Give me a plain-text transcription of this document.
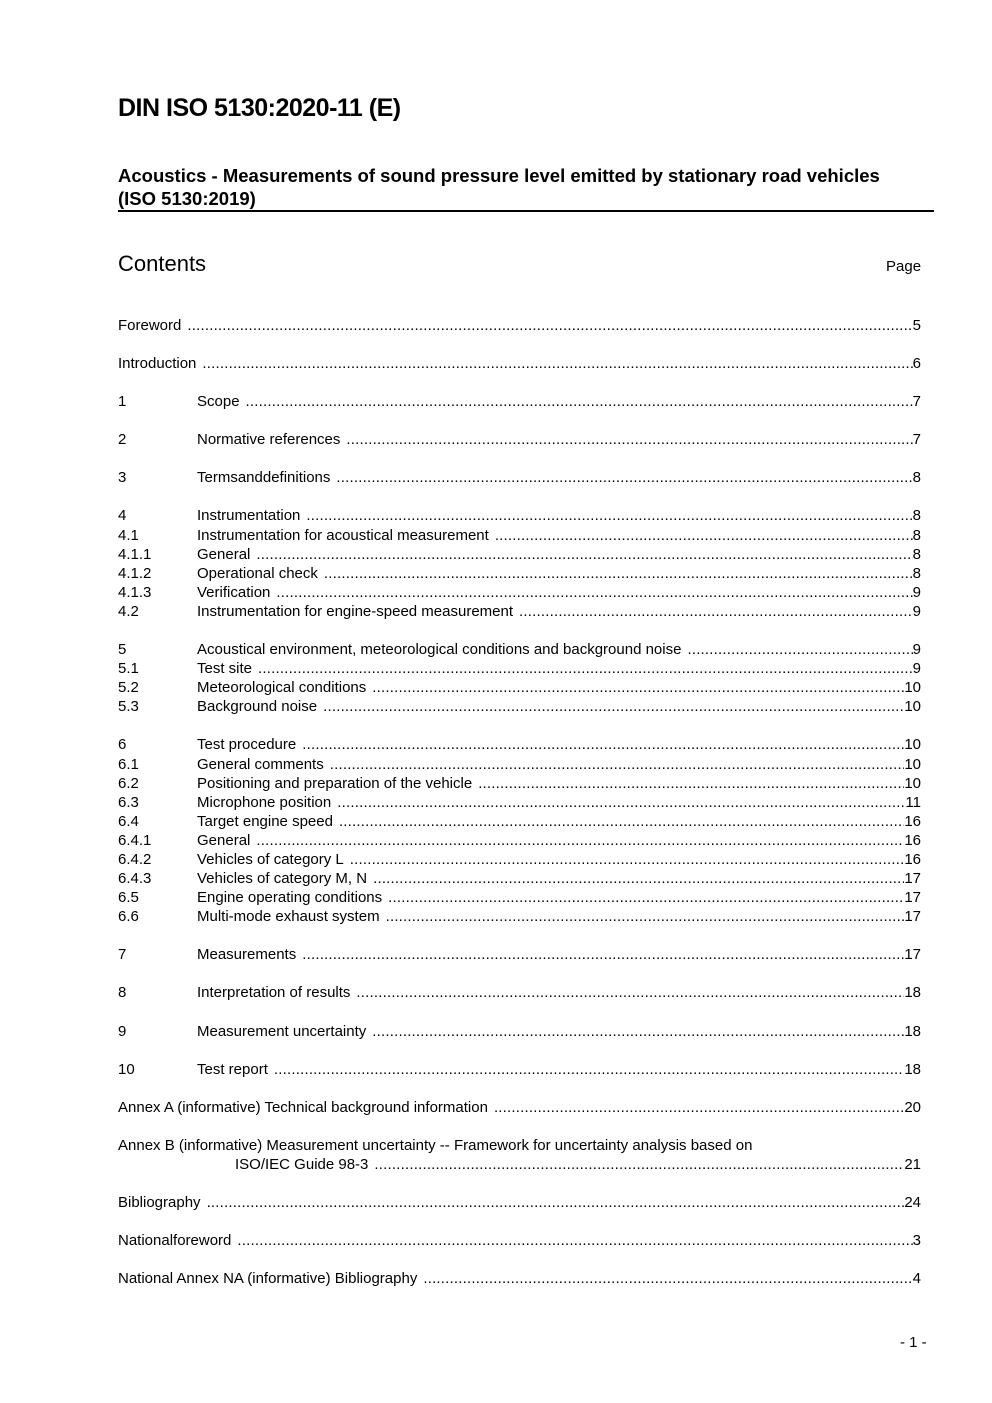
DIN ISO 5130:2020-11 (E)
Acoustics - Measurements of sound pressure level emitted by stationary road vehicles (ISO 5130:2019)
Contents	Page
Foreword .....	5
Introduction .....	6
1	Scope .....	7
2	Normative references .....	7
3	Termsanddefinitions .....	8
4	Instrumentation .....	8
4.1	Instrumentation for acoustical measurement .....	8
4.1.1	General .....	8
4.1.2	Operational check .....	8
4.1.3	Verification .....	9
4.2	Instrumentation for engine-speed measurement .....	9
5	Acoustical environment, meteorological conditions and background noise .....	9
5.1	Test site .....	9
5.2	Meteorological conditions .....	10
5.3	Background noise .....	10
6	Test procedure .....	10
6.1	General comments .....	10
6.2	Positioning and preparation of the vehicle .....	10
6.3	Microphone position .....	11
6.4	Target engine speed .....	16
6.4.1	General .....	16
6.4.2	Vehicles of category L .....	16
6.4.3	Vehicles of category M, N .....	17
6.5	Engine operating conditions .....	17
6.6	Multi-mode exhaust system .....	17
7	Measurements .....	17
8	Interpretation of results .....	18
9	Measurement uncertainty .....	18
10	Test report .....	18
Annex A (informative) Technical background information .....	20
Annex B (informative) Measurement uncertainty -- Framework for uncertainty analysis based on
ISO/IEC Guide 98-3 .....	21
Bibliography .....	24
Nationalforeword .....	3
National Annex NA (informative) Bibliography .....	4
- 1 -
